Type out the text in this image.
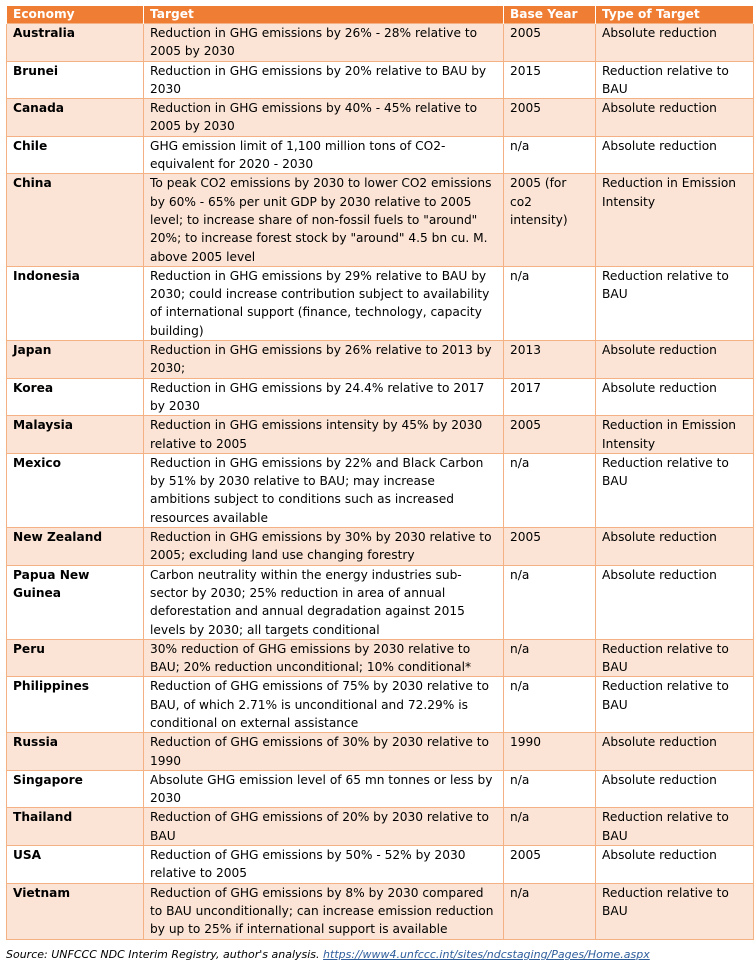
Economy	Target	Base Year	Type of Target
Australia	Reduction in GHG emissions by 26% - 28% relative to 2005 by 2030	2005	Absolute reduction
Brunei	Reduction in GHG emissions by 20% relative to BAU by 2030	2015	Reduction relative to BAU
Canada	Reduction in GHG emissions by 40% - 45% relative to 2005 by 2030	2005	Absolute reduction
Chile	GHG emission limit of 1,100 million tons of CO2-equivalent for 2020 - 2030	n/a	Absolute reduction
China	To peak CO2 emissions by 2030 to lower CO2 emissions by 60% - 65% per unit GDP by 2030 relative to 2005 level; to increase share of non-fossil fuels to "around" 20%; to increase forest stock by "around" 4.5 bn cu. M. above 2005 level	2005 (for co2 intensity)	Reduction in Emission Intensity
Indonesia	Reduction in GHG emissions by 29% relative to BAU by 2030; could increase contribution subject to availability of international support (finance, technology, capacity building)	n/a	Reduction relative to BAU
Japan	Reduction in GHG emissions by 26% relative to 2013 by 2030;	2013	Absolute reduction
Korea	Reduction in GHG emissions by 24.4% relative to 2017 by 2030	2017	Absolute reduction
Malaysia	Reduction in GHG emissions intensity by 45% by 2030 relative to 2005	2005	Reduction in Emission Intensity
Mexico	Reduction in GHG emissions by 22% and Black Carbon by 51% by 2030 relative to BAU; may increase ambitions subject to conditions such as increased resources available	n/a	Reduction relative to BAU
New Zealand	Reduction in GHG emissions by 30% by 2030 relative to 2005; excluding land use changing forestry	2005	Absolute reduction
Papua New Guinea	Carbon neutrality within the energy industries sub-sector by 2030; 25% reduction in area of annual deforestation and annual degradation against 2015 levels by 2030; all targets conditional	n/a	Absolute reduction
Peru	30% reduction of GHG emissions by 2030 relative to BAU; 20% reduction unconditional; 10% conditional*	n/a	Reduction relative to BAU
Philippines	Reduction of GHG emissions of 75% by 2030 relative to BAU, of which 2.71% is unconditional and 72.29% is conditional on external assistance	n/a	Reduction relative to BAU
Russia	Reduction of GHG emissions of 30% by 2030 relative to 1990	1990	Absolute reduction
Singapore	Absolute GHG emission level of 65 mn tonnes or less by 2030	n/a	Absolute reduction
Thailand	Reduction of GHG emissions of 20% by 2030 relative to BAU	n/a	Reduction relative to BAU
USA	Reduction of GHG emissions by 50% - 52% by 2030 relative to 2005	2005	Absolute reduction
Vietnam	Reduction of GHG emissions by 8% by 2030 compared to BAU unconditionally; can increase emission reduction by up to 25% if international support is available	n/a	Reduction relative to BAU
Source: UNFCCC NDC Interim Registry, author's analysis. https://www4.unfccc.int/sites/ndcstaging/Pages/Home.aspx
